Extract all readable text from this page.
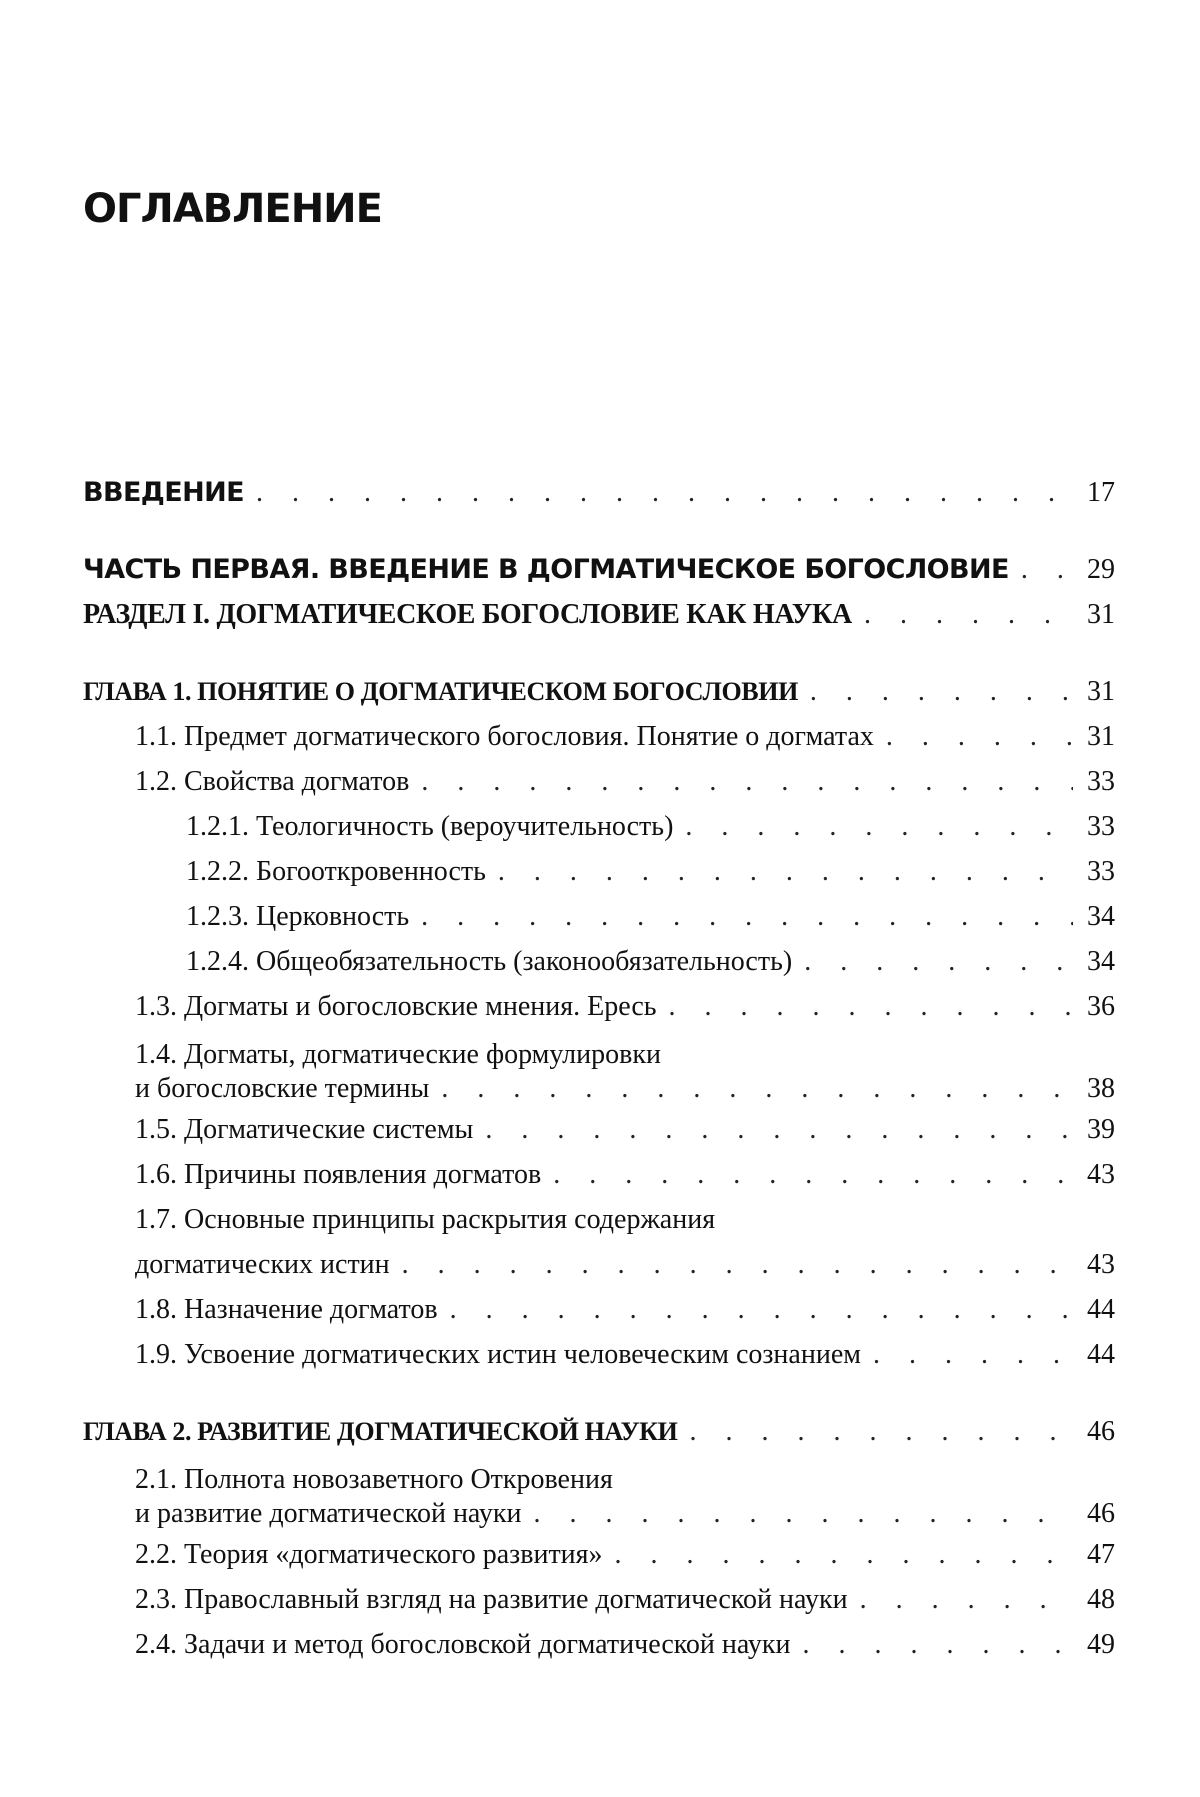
ОГЛАВЛЕНИЕ
ВВЕДЕНИЕ
. . .	17
ЧАСТЬ ПЕРВАЯ. ВВЕДЕНИЕ В ДОГМАТИЧЕСКОЕ БОГОСЛОВИЕ
. . .	29
РАЗДЕЛ I. ДОГМАТИЧЕСКОЕ БОГОСЛОВИЕ КАК НАУКА
. . .	31
ГЛАВА 1. ПОНЯТИЕ О ДОГМАТИЧЕСКОМ БОГОСЛОВИИ
. . .	31
1.1. Предмет догматического богословия. Понятие о догматах
. . .	31
1.2. Свойства догматов
. . .	33
1.2.1. Теологичность (вероучительность)
. . .	33
1.2.2. Богооткровенность
. . .	33
1.2.3. Церковность
. . .	34
1.2.4. Общеобязательность (законообязательность)
. . .	34
1.3. Догматы и богословские мнения. Ересь
. . .	36
1.4. Догматы, догматические формулировки
и богословские термины
. . .	38
1.5. Догматические системы
. . .	39
1.6. Причины появления догматов
. . .	43
1.7. Основные принципы раскрытия содержания
догматических истин
. . .	43
1.8. Назначение догматов
. . .	44
1.9. Усвоение догматических истин человеческим сознанием
. . .	44
ГЛАВА 2. РАЗВИТИЕ ДОГМАТИЧЕСКОЙ НАУКИ
. . .	46
2.1. Полнота новозаветного Откровения
и развитие догматической науки
. . .	46
2.2. Теория «догматического развития»
. . .	47
2.3. Православный взгляд на развитие догматической науки
. . .	48
2.4. Задачи и метод богословской догматической науки
. . .	49
